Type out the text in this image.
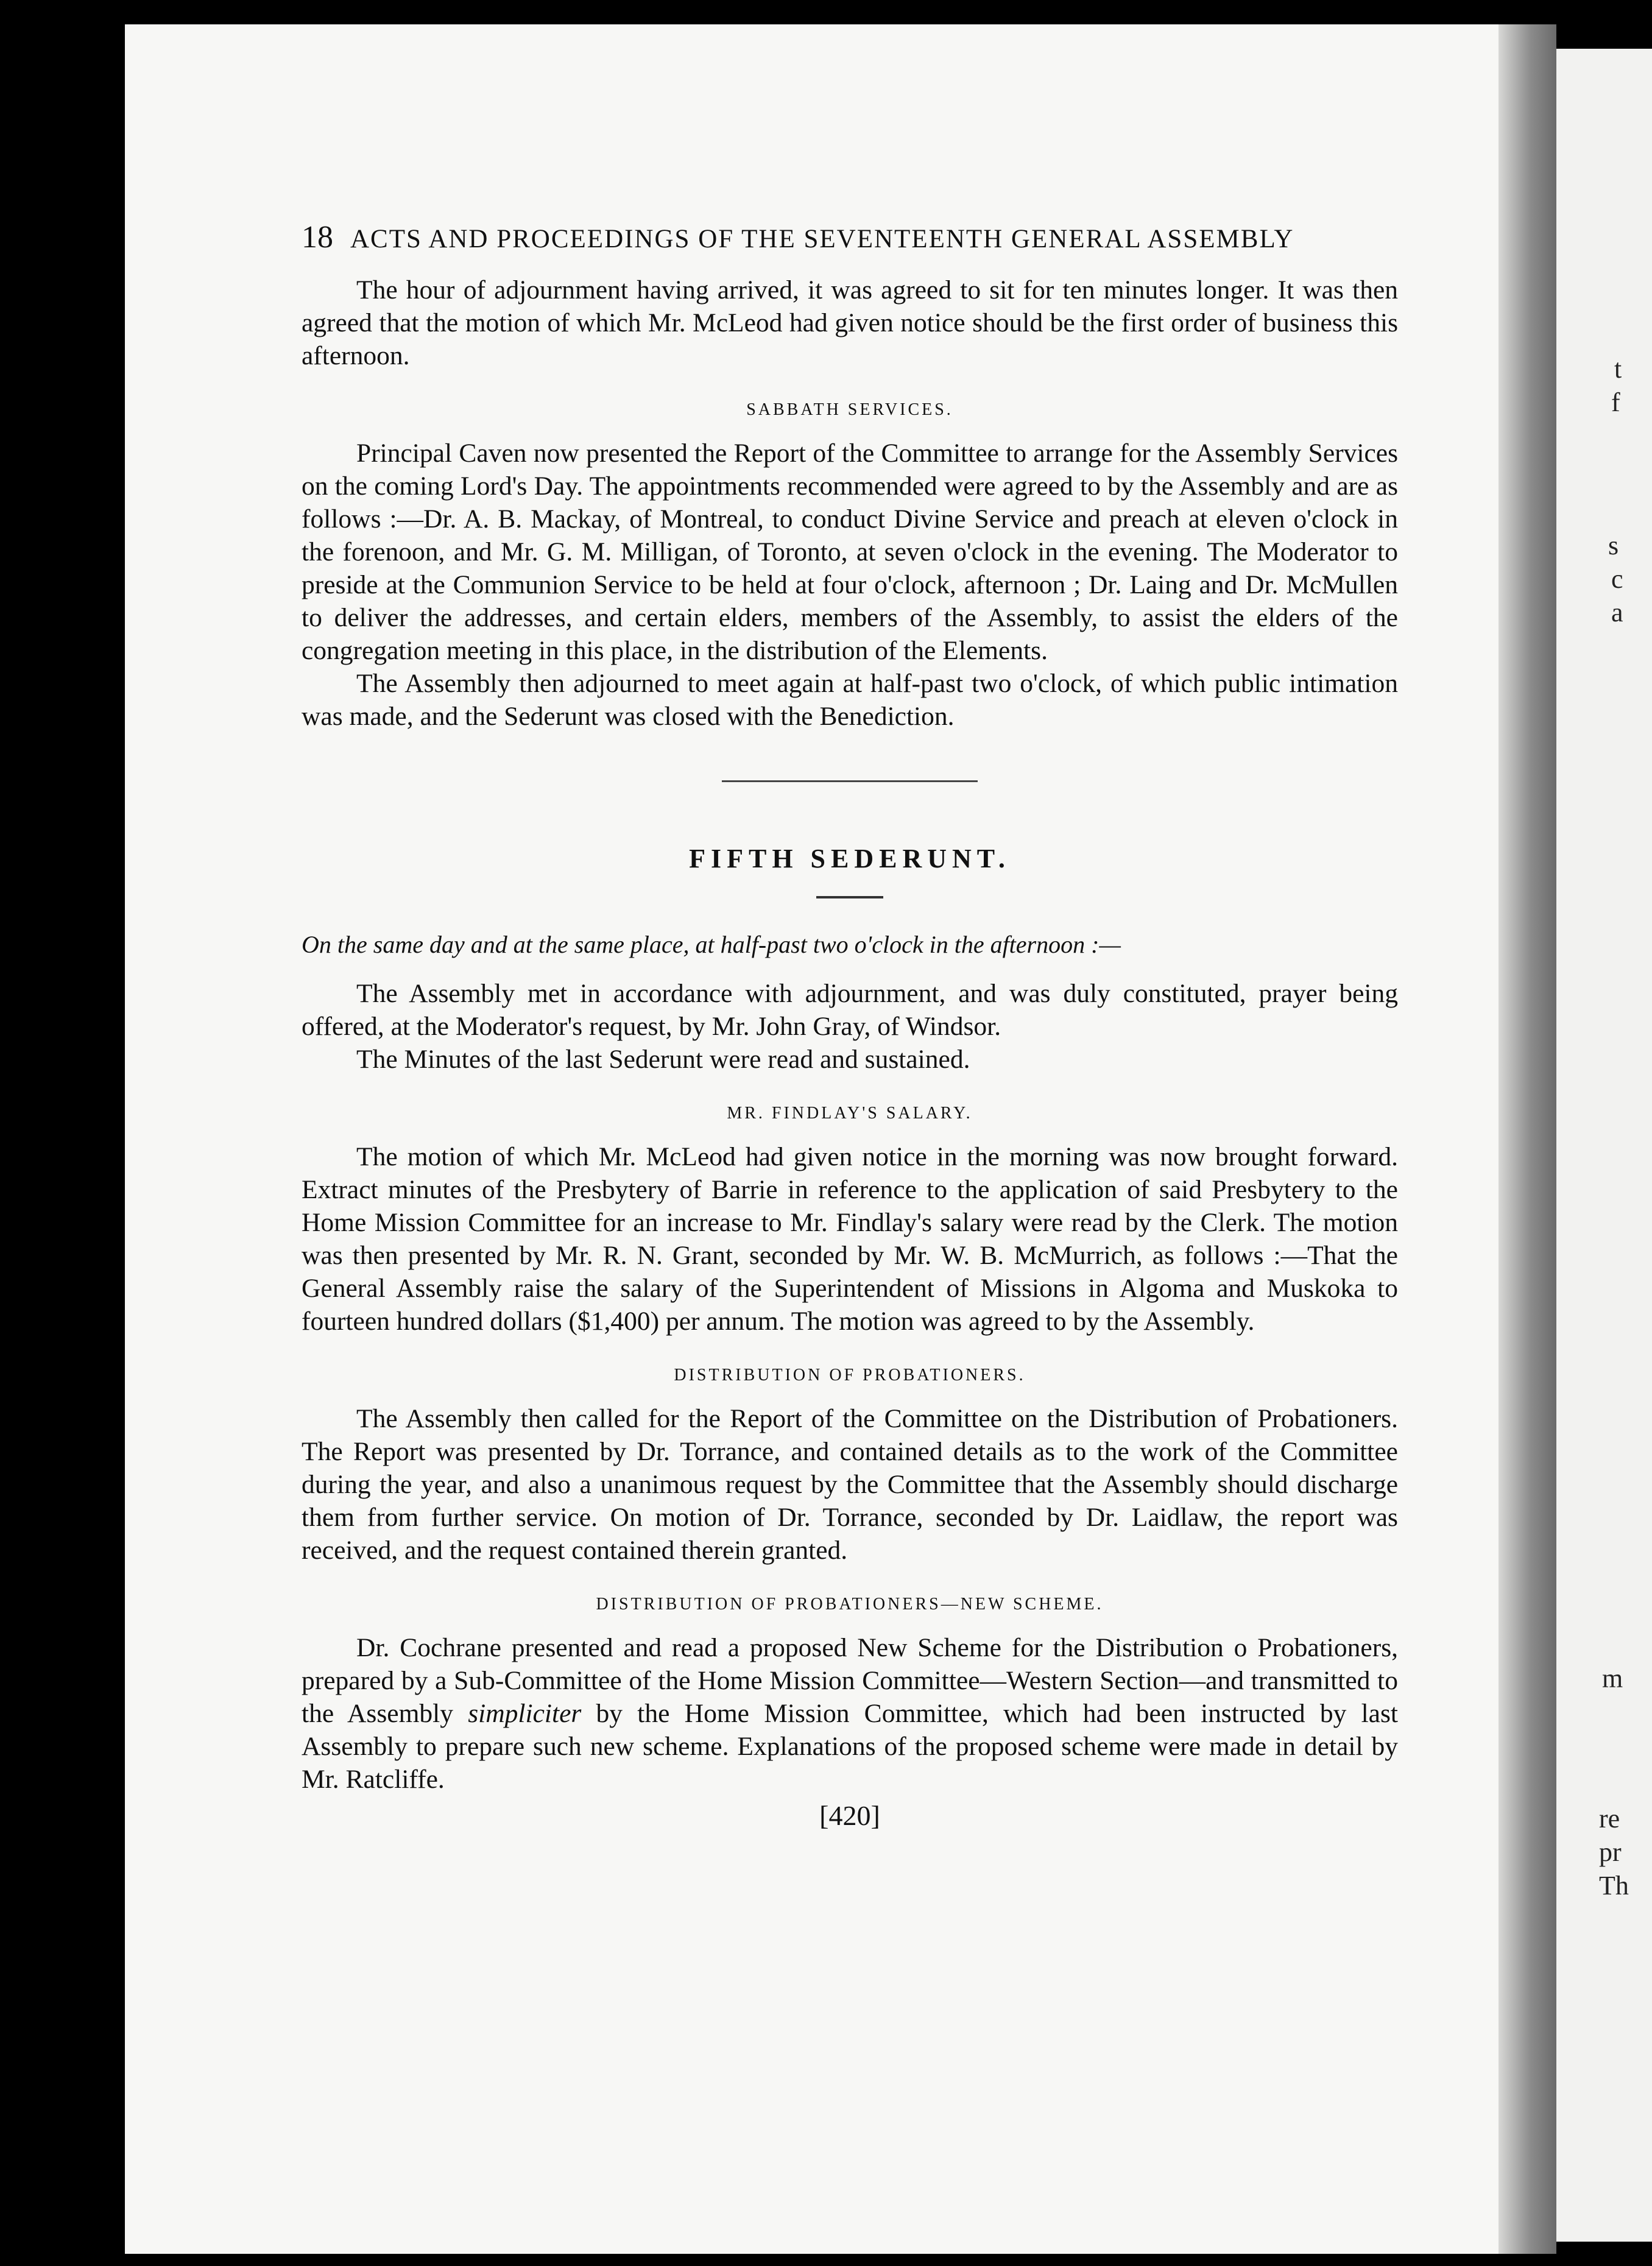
t
f
s
c
a
m
re
pr
Th
18 ACTS AND PROCEEDINGS OF THE SEVENTEENTH GENERAL ASSEMBLY

The hour of adjournment having arrived, it was agreed to sit for ten minutes longer. It was then agreed that the motion of which Mr. McLeod had given notice should be the first order of business this afternoon.

SABBATH SERVICES.

Principal Caven now presented the Report of the Committee to arrange for the Assembly Services on the coming Lord's Day. The appointments recommended were agreed to by the Assembly and are as follows :—Dr. A. B. Mackay, of Montreal, to conduct Divine Service and preach at eleven o'clock in the forenoon, and Mr. G. M. Milligan, of Toronto, at seven o'clock in the evening. The Moderator to preside at the Communion Service to be held at four o'clock, afternoon ; Dr. Laing and Dr. McMullen to deliver the addresses, and certain elders, members of the Assembly, to assist the elders of the congregation meeting in this place, in the distribution of the Elements.

The Assembly then adjourned to meet again at half-past two o'clock, of which public intimation was made, and the Sederunt was closed with the Benediction.

FIFTH SEDERUNT.
On the same day and at the same place, at half-past two o'clock in the afternoon :—

The Assembly met in accordance with adjournment, and was duly constituted, prayer being offered, at the Moderator's request, by Mr. John Gray, of Windsor.

The Minutes of the last Sederunt were read and sustained.

MR. FINDLAY'S SALARY.

The motion of which Mr. McLeod had given notice in the morning was now brought forward. Extract minutes of the Presbytery of Barrie in reference to the application of said Presbytery to the Home Mission Committee for an increase to Mr. Findlay's salary were read by the Clerk. The motion was then presented by Mr. R. N. Grant, seconded by Mr. W. B. McMurrich, as follows :—That the General Assembly raise the salary of the Superintendent of Missions in Algoma and Muskoka to fourteen hundred dollars ($1,400) per annum. The motion was agreed to by the Assembly.

DISTRIBUTION OF PROBATIONERS.

The Assembly then called for the Report of the Committee on the Distribution of Probationers. The Report was presented by Dr. Torrance, and contained details as to the work of the Committee during the year, and also a unanimous request by the Committee that the Assembly should discharge them from further service. On motion of Dr. Torrance, seconded by Dr. Laidlaw, the report was received, and the request contained therein granted.

DISTRIBUTION OF PROBATIONERS—NEW SCHEME.

Dr. Cochrane presented and read a proposed New Scheme for the Distribution o Probationers, prepared by a Sub-Committee of the Home Mission Committee—Western Section—and transmitted to the Assembly simpliciter by the Home Mission Committee, which had been instructed by last Assembly to prepare such new scheme. Explanations of the proposed scheme were made in detail by Mr. Ratcliffe.

[420]
